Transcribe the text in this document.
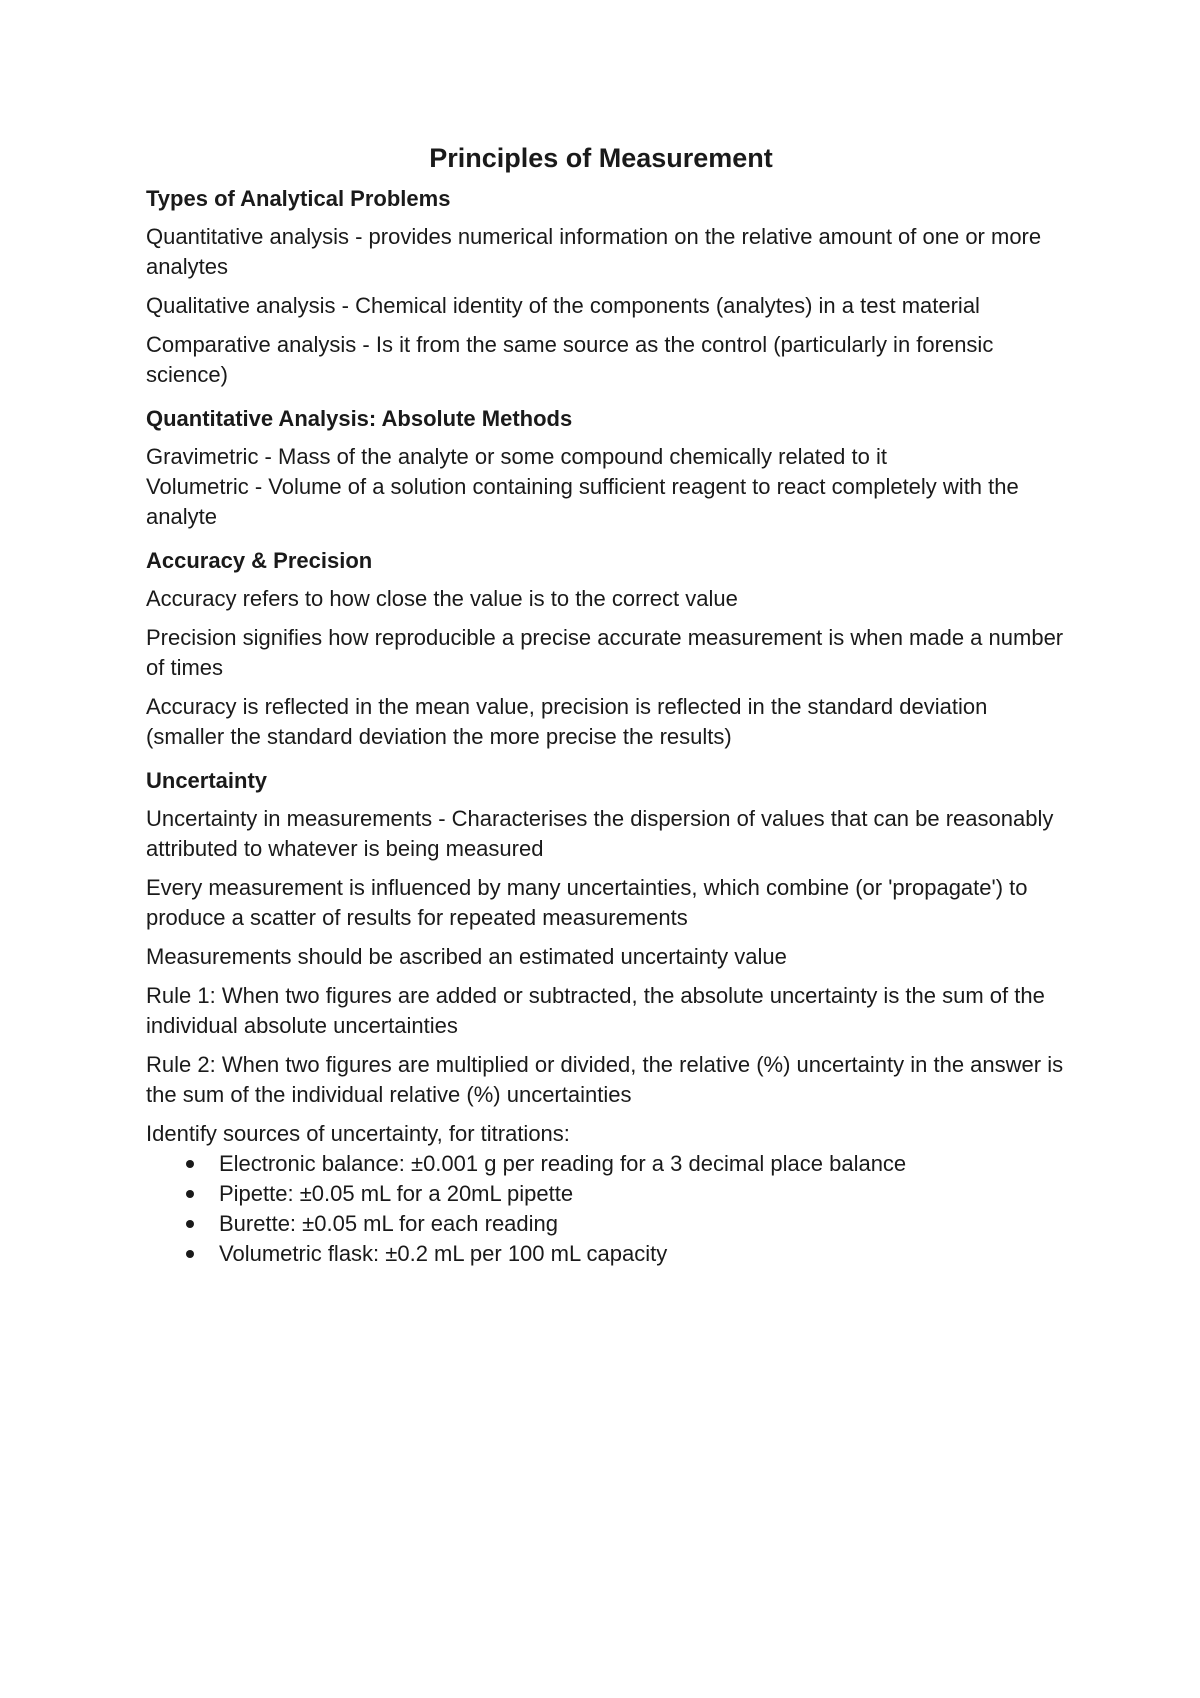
Principles of Measurement
Types of Analytical Problems

Quantitative analysis - provides numerical information on the relative amount of one or more analytes

Qualitative analysis - Chemical identity of the components (analytes) in a test material

Comparative analysis - Is it from the same source as the control (particularly in forensic science)

Quantitative Analysis: Absolute Methods

Gravimetric - Mass of the analyte or some compound chemically related to it

Volumetric - Volume of a solution containing sufficient reagent to react completely with the analyte

Accuracy & Precision

Accuracy refers to how close the value is to the correct value

Precision signifies how reproducible a precise accurate measurement is when made a number of times

Accuracy is reflected in the mean value, precision is reflected in the standard deviation (smaller the standard deviation the more precise the results)

Uncertainty

Uncertainty in measurements - Characterises the dispersion of values that can be reasonably attributed to whatever is being measured

Every measurement is influenced by many uncertainties, which combine (or 'propagate') to produce a scatter of results for repeated measurements

Measurements should be ascribed an estimated uncertainty value

Rule 1: When two figures are added or subtracted, the absolute uncertainty is the sum of the individual absolute uncertainties

Rule 2: When two figures are multiplied or divided, the relative (%) uncertainty in the answer is the sum of the individual relative (%) uncertainties

Identify sources of uncertainty, for titrations:

Electronic balance: ±0.001 g per reading for a 3 decimal place balance
Pipette: ±0.05 mL for a 20mL pipette
Burette: ±0.05 mL for each reading
Volumetric flask: ±0.2 mL per 100 mL capacity
